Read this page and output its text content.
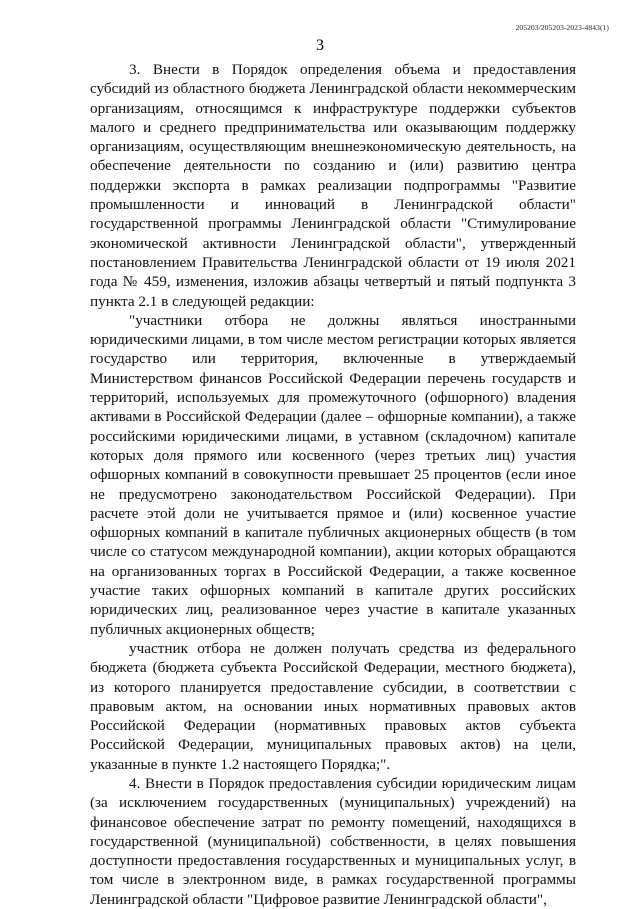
205203/205203-2023-4843(1)
3

3. Внести в Порядок определения объема и предоставления субсидий из областного бюджета Ленинградской области некоммерческим организациям, относящимся к инфраструктуре поддержки субъектов малого и среднего предпринимательства или оказывающим поддержку организациям, осуществляющим внешнеэкономическую деятельность, на обеспечение деятельности по созданию и (или) развитию центра поддержки экспорта в рамках реализации подпрограммы "Развитие промышленности и инноваций в Ленинградской области" государственной программы Ленинградской области "Стимулирование экономической активности Ленинградской области", утвержденный постановлением Правительства Ленинградской области от 19 июля 2021 года № 459, изменения, изложив абзацы четвертый и пятый подпункта 3 пункта 2.1 в следующей редакции:

"участники отбора не должны являться иностранными юридическими лицами, в том числе местом регистрации которых является государство или территория, включенные в утверждаемый Министерством финансов Российской Федерации перечень государств и территорий, используемых для промежуточного (офшорного) владения активами в Российской Федерации (далее – офшорные компании), а также российскими юридическими лицами, в уставном (складочном) капитале которых доля прямого или косвенного (через третьих лиц) участия офшорных компаний в совокупности превышает 25 процентов (если иное не предусмотрено законодательством Российской Федерации). При расчете этой доли не учитывается прямое и (или) косвенное участие офшорных компаний в капитале публичных акционерных обществ (в том числе со статусом международной компании), акции которых обращаются на организованных торгах в Российской Федерации, а также косвенное участие таких офшорных компаний в капитале других российских юридических лиц, реализованное через участие в капитале указанных публичных акционерных обществ;

участник отбора не должен получать средства из федерального бюджета (бюджета субъекта Российской Федерации, местного бюджета), из которого планируется предоставление субсидии, в соответствии с правовым актом, на основании иных нормативных правовых актов Российской Федерации (нормативных правовых актов субъекта Российской Федерации, муниципальных правовых актов) на цели, указанные в пункте 1.2 настоящего Порядка;".

4. Внести в Порядок предоставления субсидии юридическим лицам (за исключением государственных (муниципальных) учреждений) на финансовое обеспечение затрат по ремонту помещений, находящихся в государственной (муниципальной) собственности, в целях повышения доступности предоставления государственных и муниципальных услуг, в том числе в электронном виде, в рамках государственной программы Ленинградской области "Цифровое развитие Ленинградской области",
